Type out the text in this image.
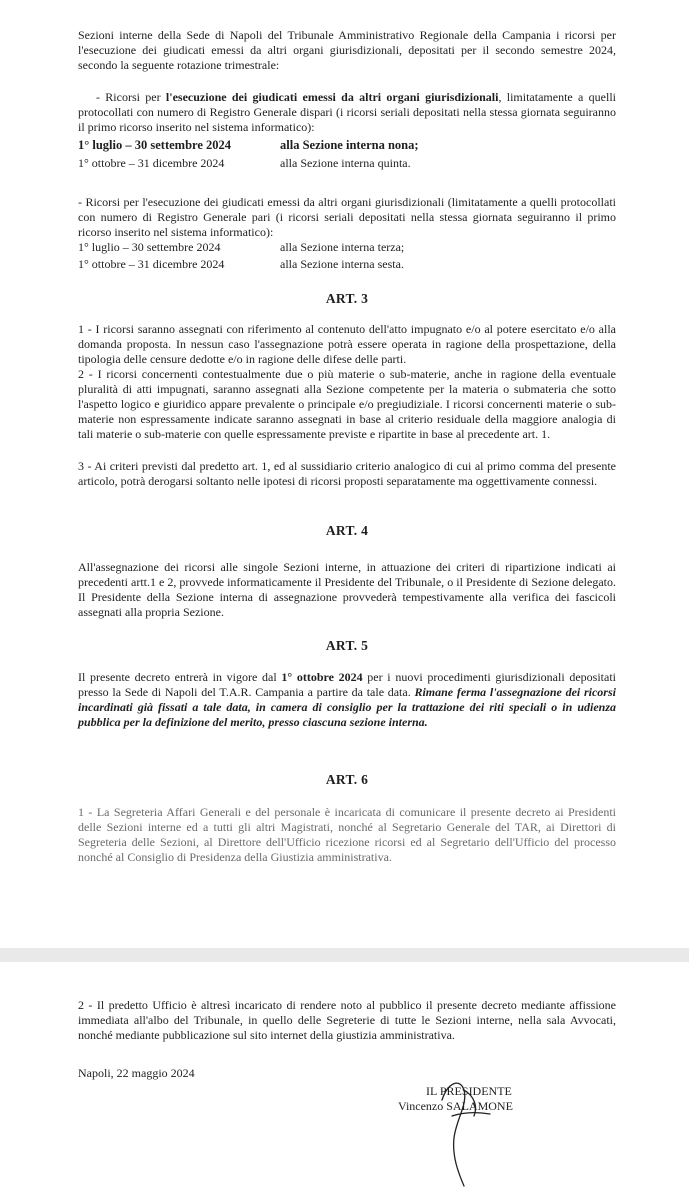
Sezioni interne della Sede di Napoli del Tribunale Amministrativo Regionale della Campania i ricorsi per l'esecuzione dei giudicati emessi da altri organi giurisdizionali, depositati per il secondo semestre 2024, secondo la seguente rotazione trimestrale:

- Ricorsi per l'esecuzione dei giudicati emessi da altri organi giurisdizionali, limitatamente a quelli protocollati con numero di Registro Generale dispari (i ricorsi seriali depositati nella stessa giornata seguiranno il primo ricorso inserito nel sistema informatico):

1° luglio – 30 settembre 2024	alla Sezione interna nona;
1° ottobre – 31 dicembre 2024	alla Sezione interna quinta.

- Ricorsi per l'esecuzione dei giudicati emessi da altri organi giurisdizionali (limitatamente a quelli protocollati con numero di Registro Generale pari (i ricorsi seriali depositati nella stessa giornata seguiranno il primo ricorso inserito nel sistema informatico):

1° luglio – 30 settembre 2024	alla Sezione interna terza;
1° ottobre – 31 dicembre 2024	alla Sezione interna sesta.
ART. 3

1 - I ricorsi saranno assegnati con riferimento al contenuto dell'atto impugnato e/o al potere esercitato e/o alla domanda proposta. In nessun caso l'assegnazione potrà essere operata in ragione della prospettazione, della tipologia delle censure dedotte e/o in ragione delle difese delle parti.

2 - I ricorsi concernenti contestualmente due o più materie o sub-materie, anche in ragione della eventuale pluralità di atti impugnati, saranno assegnati alla Sezione competente per la materia o submateria che sotto l'aspetto logico e giuridico appare prevalente o principale e/o pregiudiziale. I ricorsi concernenti materie o sub-materie non espressamente indicate saranno assegnati in base al criterio residuale della maggiore analogia di tali materie o sub-materie con quelle espressamente previste e ripartite in base al precedente art. 1.

3 - Ai criteri previsti dal predetto art. 1, ed al sussidiario criterio analogico di cui al primo comma del presente articolo, potrà derogarsi soltanto nelle ipotesi di ricorsi proposti separatamente ma oggettivamente connessi.

ART. 4

All'assegnazione dei ricorsi alle singole Sezioni interne, in attuazione dei criteri di ripartizione indicati ai precedenti artt.1 e 2, provvede informaticamente il Presidente del Tribunale, o il Presidente di Sezione delegato. Il Presidente della Sezione interna di assegnazione provvederà tempestivamente alla verifica dei fascicoli assegnati alla propria Sezione.

ART. 5

Il presente decreto entrerà in vigore dal 1° ottobre 2024 per i nuovi procedimenti giurisdizionali depositati presso la Sede di Napoli del T.A.R. Campania a partire da tale data. Rimane ferma l'assegnazione dei ricorsi incardinati già fissati a tale data, in camera di consiglio per la trattazione dei riti speciali o in udienza pubblica per la definizione del merito, presso ciascuna sezione interna.

ART. 6

1 - La Segreteria Affari Generali e del personale è incaricata di comunicare il presente decreto ai Presidenti delle Sezioni interne ed a tutti gli altri Magistrati, nonché al Segretario Generale del TAR, ai Direttori di Segreteria delle Sezioni, al Direttore dell'Ufficio ricezione ricorsi ed al Segretario dell'Ufficio del processo nonché al Consiglio di Presidenza della Giustizia amministrativa.

2 - Il predetto Ufficio è altresì incaricato di rendere noto al pubblico il presente decreto mediante affissione immediata all'albo del Tribunale, in quello delle Segreterie di tutte le Sezioni interne, nella sala Avvocati, nonché mediante pubblicazione sul sito internet della giustizia amministrativa.

Napoli, 22 maggio 2024
IL PRESIDENTE
Vincenzo SALAMONE
